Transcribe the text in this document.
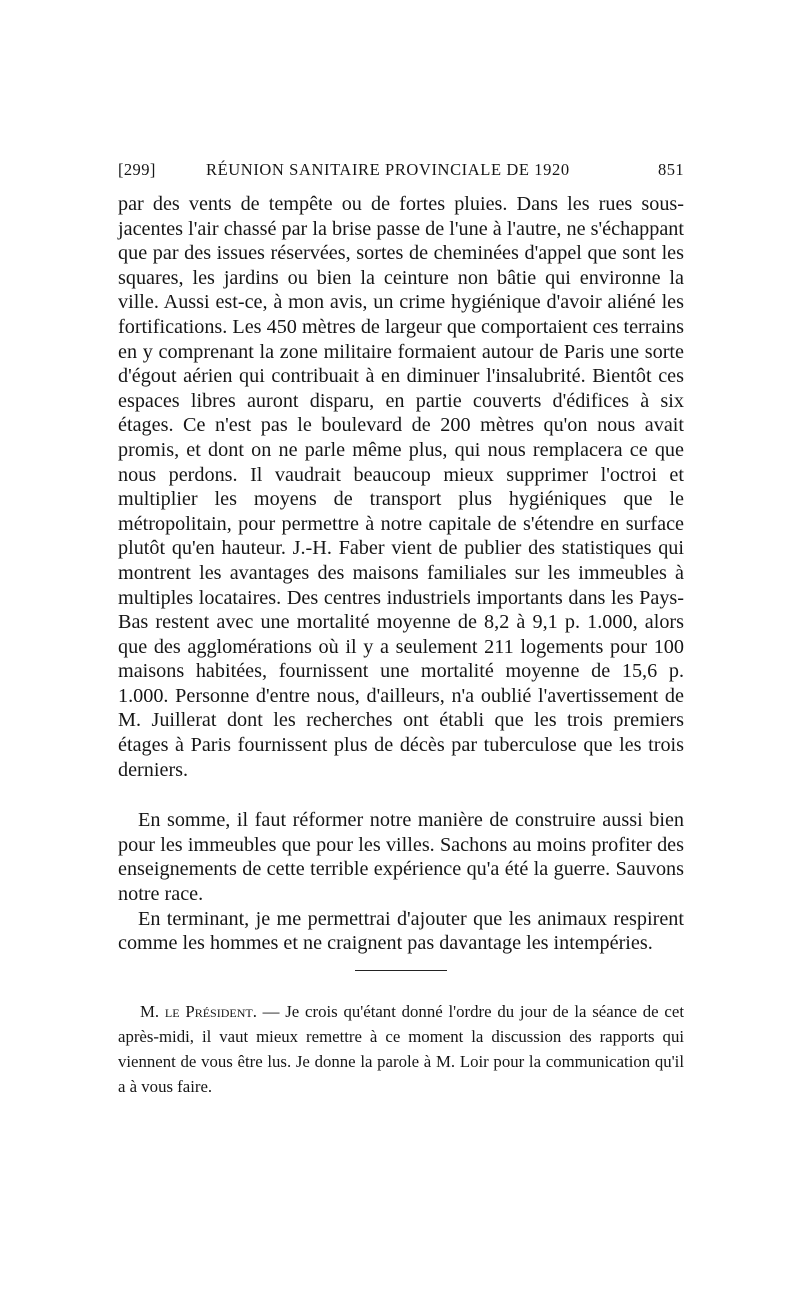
[299]	RÉUNION SANITAIRE PROVINCIALE DE 1920	851

par des vents de tempête ou de fortes pluies. Dans les rues sous-jacentes l'air chassé par la brise passe de l'une à l'autre, ne s'échappant que par des issues réservées, sortes de cheminées d'appel que sont les squares, les jardins ou bien la ceinture non bâtie qui environne la ville. Aussi est-ce, à mon avis, un crime hygiénique d'avoir aliéné les fortifications. Les 450 mètres de largeur que comportaient ces terrains en y comprenant la zone militaire formaient autour de Paris une sorte d'égout aérien qui contribuait à en diminuer l'insalubrité. Bientôt ces espaces libres auront disparu, en partie couverts d'édifices à six étages. Ce n'est pas le boulevard de 200 mètres qu'on nous avait promis, et dont on ne parle même plus, qui nous remplacera ce que nous perdons. Il vaudrait beaucoup mieux supprimer l'octroi et multiplier les moyens de transport plus hygiéniques que le métropolitain, pour permettre à notre capitale de s'étendre en surface plutôt qu'en hauteur. J.-H. Faber vient de publier des statistiques qui montrent les avantages des maisons familiales sur les immeubles à multiples locataires. Des centres industriels importants dans les Pays-Bas restent avec une mortalité moyenne de 8,2 à 9,1 p. 1.000, alors que des agglomérations où il y a seulement 211 logements pour 100 maisons habitées, fournissent une mortalité moyenne de 15,6 p. 1.000. Personne d'entre nous, d'ailleurs, n'a oublié l'avertissement de M. Juillerat dont les recherches ont établi que les trois premiers étages à Paris fournissent plus de décès par tuberculose que les trois derniers.

En somme, il faut réformer notre manière de construire aussi bien pour les immeubles que pour les villes. Sachons au moins profiter des enseignements de cette terrible expérience qu'a été la guerre. Sauvons notre race.

En terminant, je me permettrai d'ajouter que les animaux respirent comme les hommes et ne craignent pas davantage les intempéries.

M. le Président. — Je crois qu'étant donné l'ordre du jour de la séance de cet après-midi, il vaut mieux remettre à ce moment la discussion des rapports qui viennent de vous être lus. Je donne la parole à M. Loir pour la communication qu'il a à vous faire.
